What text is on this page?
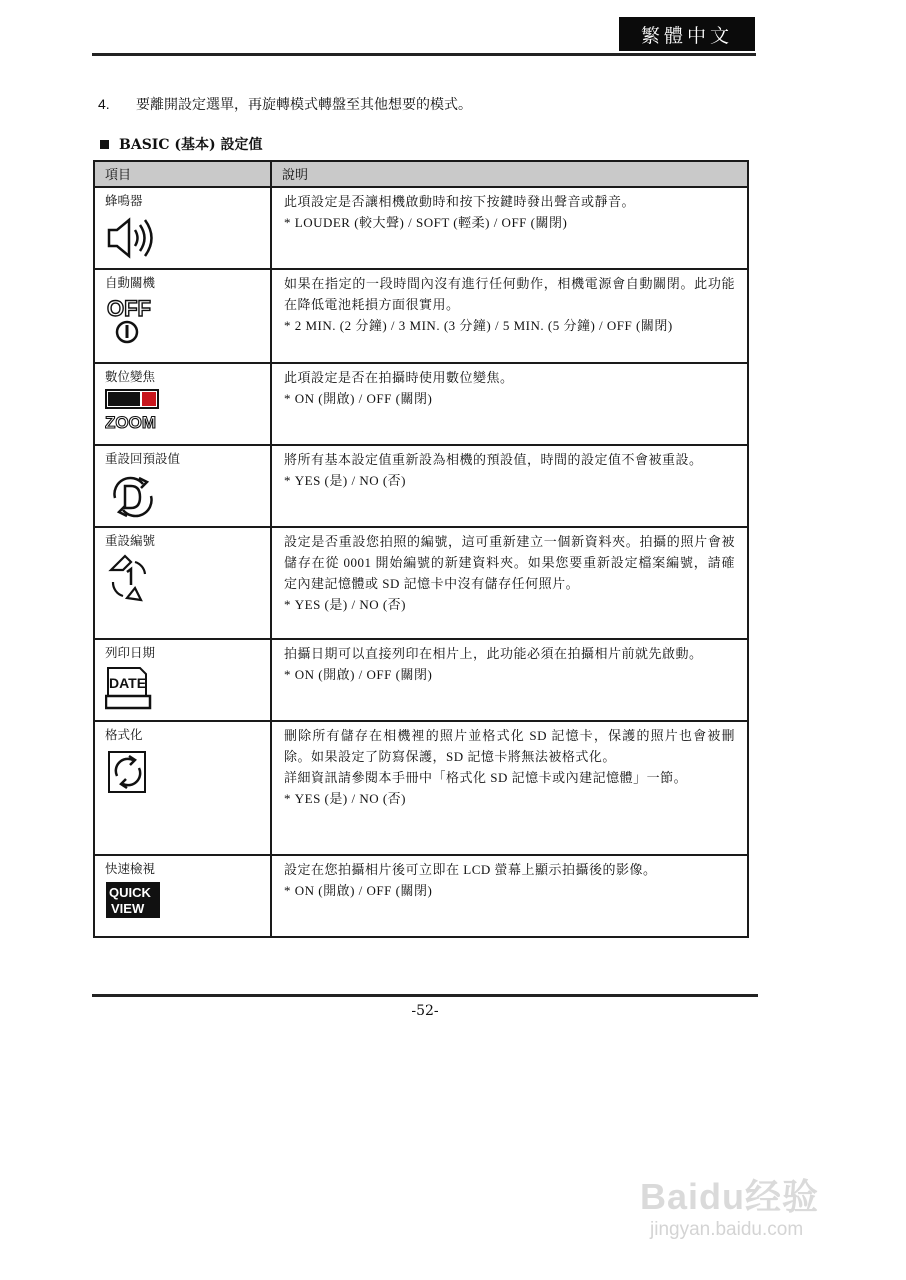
繁體中文
4. 要離開設定選單，再旋轉模式轉盤至其他想要的模式。
BASIC (基本) 設定值
項目	說明

蜂鳴器	此項設定是否讓相機啟動時和按下按鍵時發出聲音或靜音。
* LOUDER (較大聲) / SOFT (輕柔) / OFF (關閉)

自動關機
OFF	如果在指定的一段時間內沒有進行任何動作，相機電源會自動關閉。此功能在降低電池耗損方面很實用。
* 2 MIN. (2 分鐘) / 3 MIN. (3 分鐘) / 5 MIN. (5 分鐘) / OFF (關閉)

數位變焦
ZOOM	此項設定是否在拍攝時使用數位變焦。
* ON (開啟) / OFF (關閉)

重設回預設值	將所有基本設定值重新設為相機的預設值，時間的設定值不會被重設。
* YES (是) / NO (否)

重設編號	設定是否重設您拍照的編號，這可重新建立一個新資料夾。拍攝的照片會被儲存在從 0001 開始編號的新建資料夾。如果您要重新設定檔案編號，請確定內建記憶體或 SD 記憶卡中沒有儲存任何照片。
* YES (是) / NO (否)

列印日期
DATE	拍攝日期可以直接列印在相片上，此功能必須在拍攝相片前就先啟動。
* ON (開啟) / OFF (關閉)

格式化	刪除所有儲存在相機裡的照片並格式化 SD 記憶卡，保護的照片也會被刪除。如果設定了防寫保護，SD 記憶卡將無法被格式化。
詳細資訊請參閱本手冊中「格式化 SD 記憶卡或內建記憶體」一節。
* YES (是) / NO (否)

快速檢視
QUICK
VIEW	設定在您拍攝相片後可立即在 LCD 螢幕上顯示拍攝後的影像。
* ON (開啟) / OFF (關閉)
-52-
Baidu经验
jingyan.baidu.com
